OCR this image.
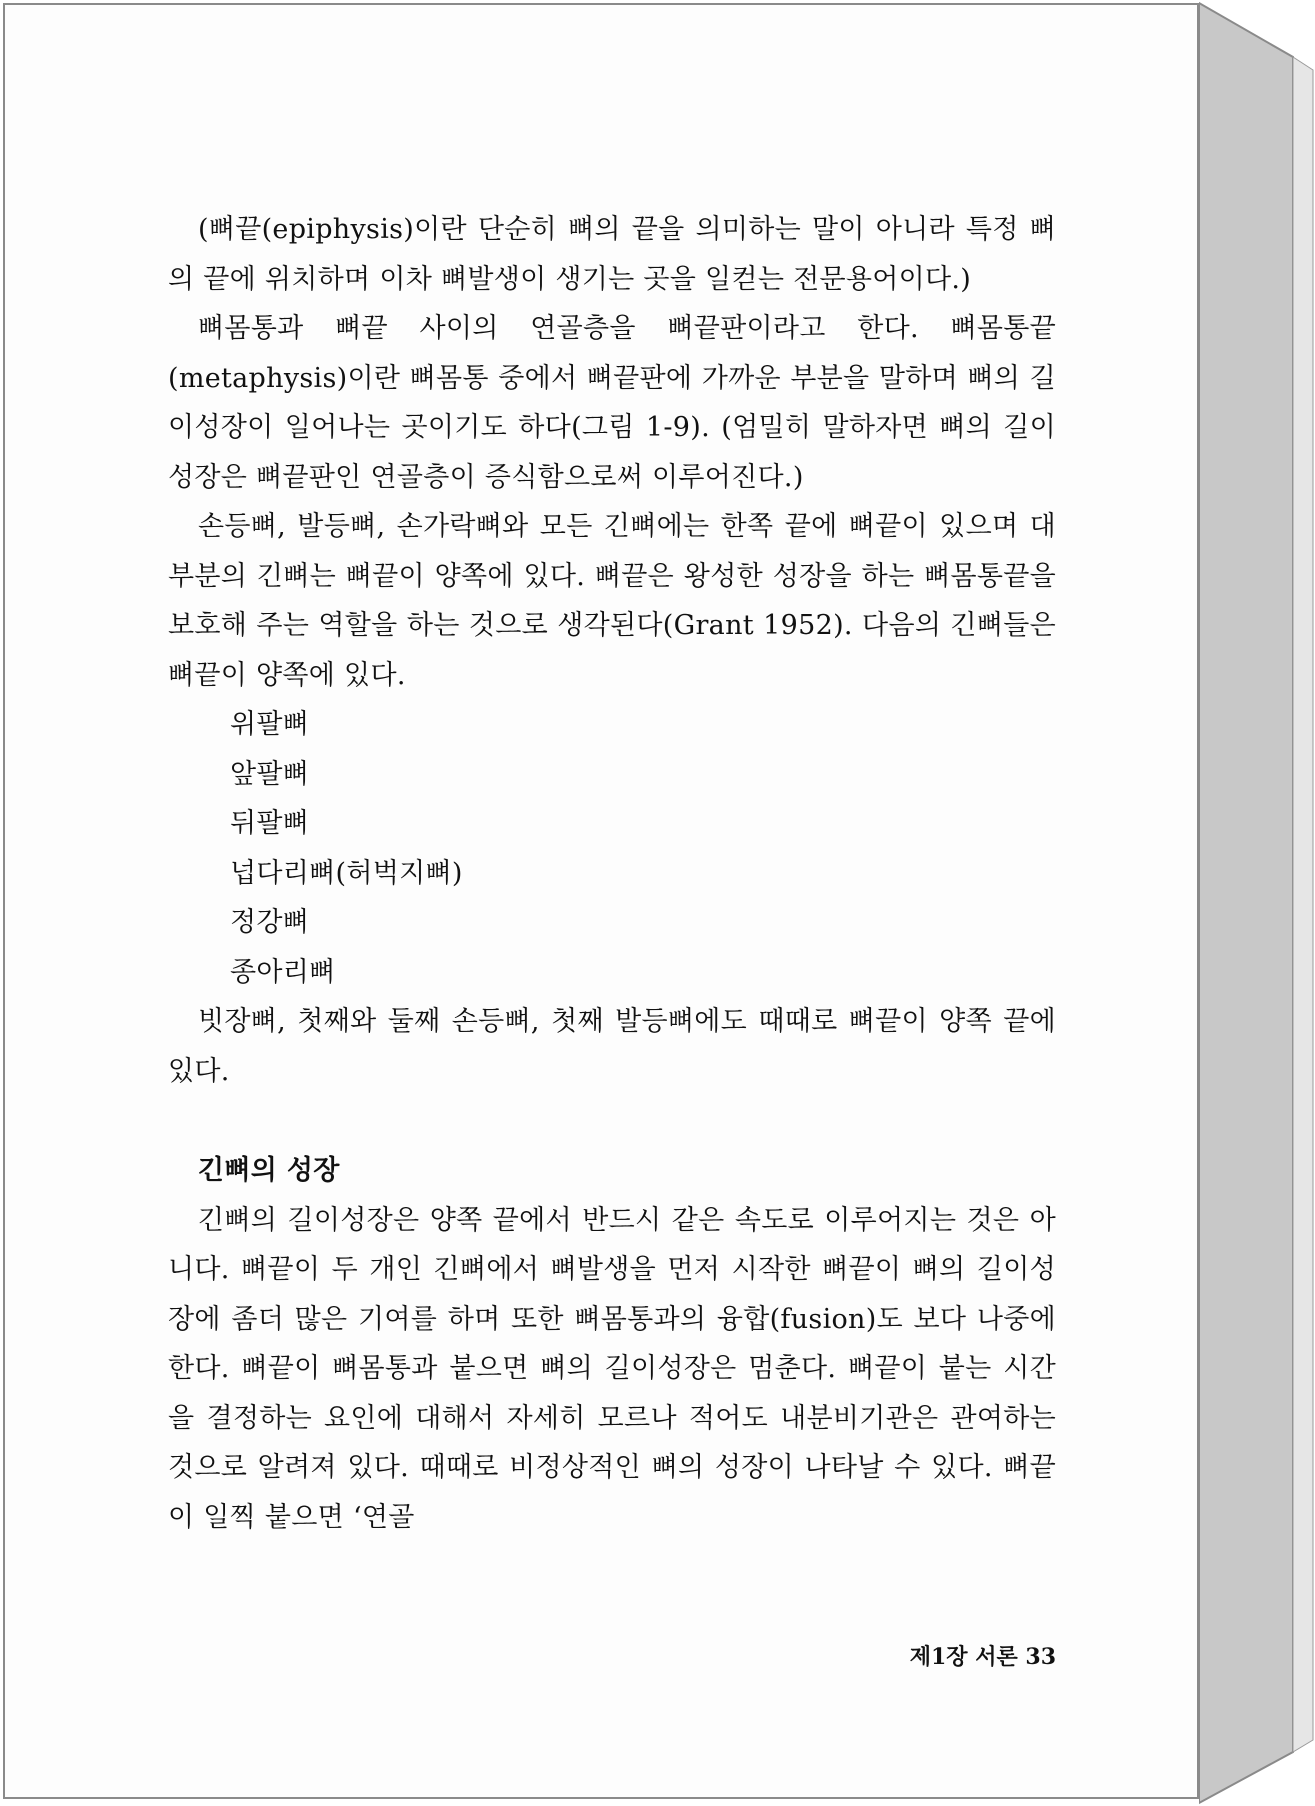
(뼈끝(epiphysis)이란 단순히 뼈의 끝을 의미하는 말이 아니라 특정 뼈의 끝에 위치하며 이차 뼈발생이 생기는 곳을 일컫는 전문용어이다.)

뼈몸통과 뼈끝 사이의 연골층을 뼈끝판이라고 한다. 뼈몸통끝(metaphysis)이란 뼈몸통 중에서 뼈끝판에 가까운 부분을 말하며 뼈의 길이성장이 일어나는 곳이기도 하다(그림 1-9). (엄밀히 말하자면 뼈의 길이성장은 뼈끝판인 연골층이 증식함으로써 이루어진다.)

손등뼈, 발등뼈, 손가락뼈와 모든 긴뼈에는 한쪽 끝에 뼈끝이 있으며 대부분의 긴뼈는 뼈끝이 양쪽에 있다. 뼈끝은 왕성한 성장을 하는 뼈몸통끝을 보호해 주는 역할을 하는 것으로 생각된다(Grant 1952). 다음의 긴뼈들은 뼈끝이 양쪽에 있다.

위팔뼈
앞팔뼈
뒤팔뼈
넙다리뼈(허벅지뼈)
정강뼈
종아리뼈

빗장뼈, 첫째와 둘째 손등뼈, 첫째 발등뼈에도 때때로 뼈끝이 양쪽 끝에 있다.

긴뼈의 성장

긴뼈의 길이성장은 양쪽 끝에서 반드시 같은 속도로 이루어지는 것은 아니다. 뼈끝이 두 개인 긴뼈에서 뼈발생을 먼저 시작한 뼈끝이 뼈의 길이성장에 좀더 많은 기여를 하며 또한 뼈몸통과의 융합(fusion)도 보다 나중에 한다. 뼈끝이 뼈몸통과 붙으면 뼈의 길이성장은 멈춘다. 뼈끝이 붙는 시간을 결정하는 요인에 대해서 자세히 모르나 적어도 내분비기관은 관여하는 것으로 알려져 있다. 때때로 비정상적인 뼈의 성장이 나타날 수 있다. 뼈끝이 일찍 붙으면 ‘연골

제1장 서론 33
